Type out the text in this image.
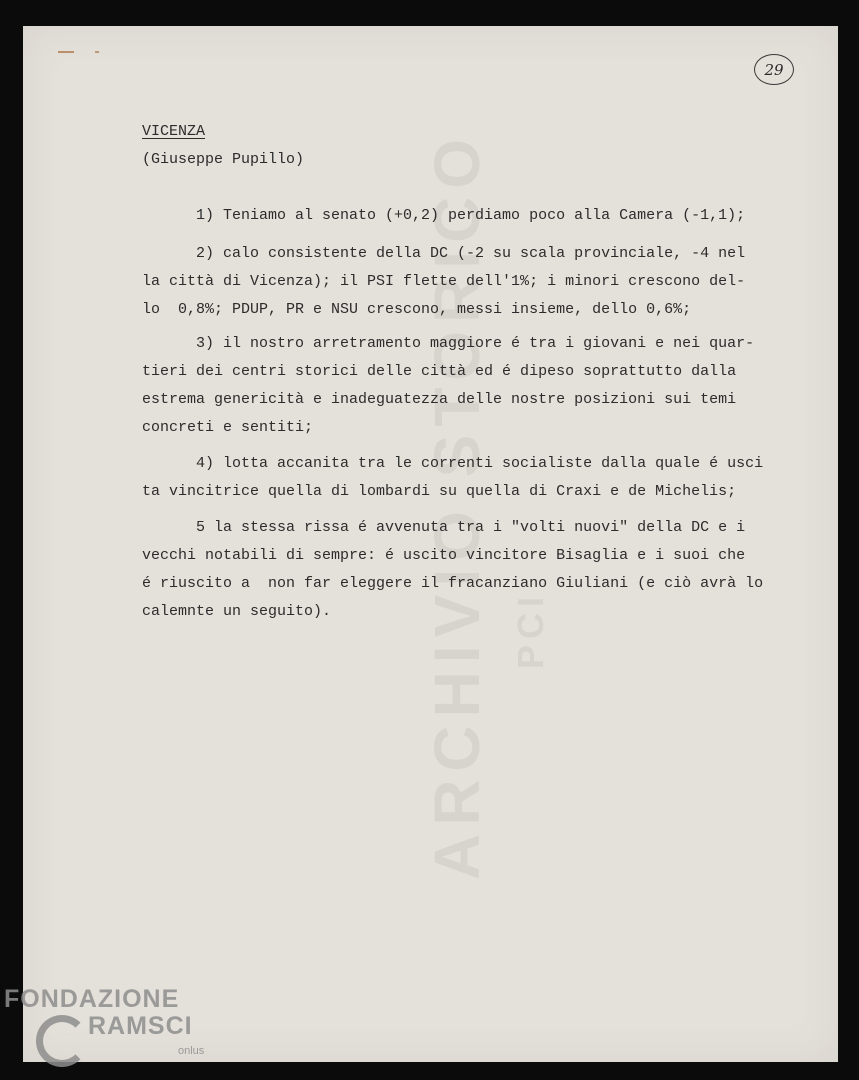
29
VICENZA
(Giuseppe Pupillo)
1) Teniamo al senato (+0,2) perdiamo poco alla Camera (-1,1);
2) calo consistente della DC (-2 su scala provinciale, -4 nel
la città di Vicenza); il PSI flette dell'1%; i minori crescono del-
lo  0,8%; PDUP, PR e NSU crescono, messi insieme, dello 0,6%;
3) il nostro arretramento maggiore é tra i giovani e nei quar-
tieri dei centri storici delle città ed é dipeso soprattutto dalla
estrema genericità e inadeguatezza delle nostre posizioni sui temi
concreti e sentiti;
4) lotta accanita tra le correnti socialiste dalla quale é usci
ta vincitrice quella di lombardi su quella di Craxi e de Michelis;
5 la stessa rissa é avvenuta tra i "volti nuovi" della DC e i
vecchi notabili di sempre: é uscito vincitore Bisaglia e i suoi che
é riuscito a  non far eleggere il fracanziano Giuliani (e ciò avrà lo
calemnte un seguito).
FONDAZIONE
RAMSCI
onlus
